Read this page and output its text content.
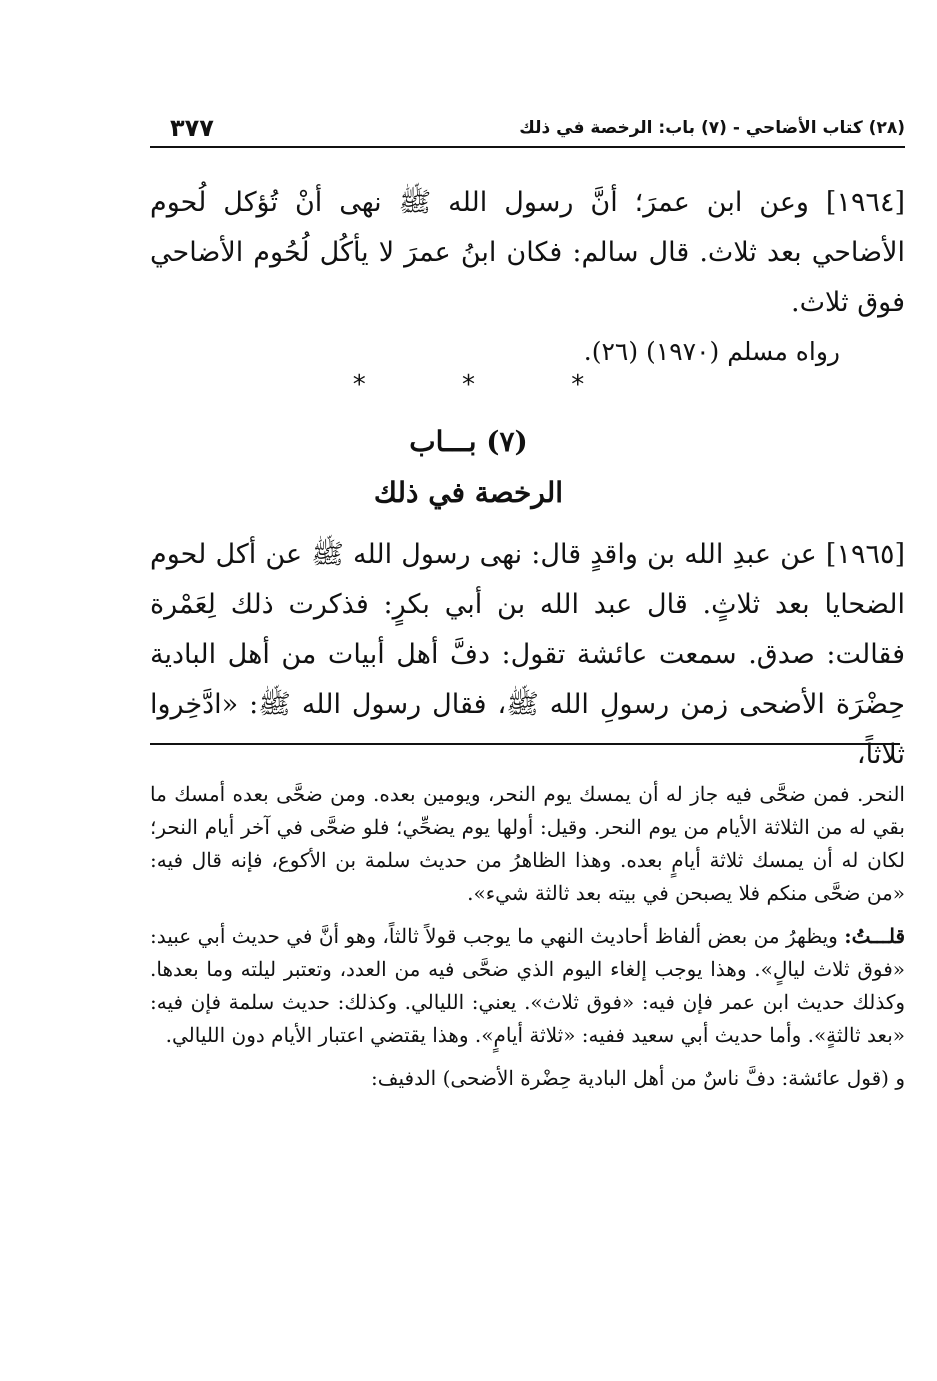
٣٧٧	(٢٨) كتاب الأضاحي - (٧) باب: الرخصة في ذلك

[١٩٦٤] وعن ابن عمرَ؛ أنَّ رسول الله ﷺ نهى أنْ تُؤكل لُحوم الأضاحي بعد ثلاث. قال سالم: فكان ابنُ عمرَ لا يأكُل لُحُوم الأضاحي فوق ثلاث.

رواه مسلم (١٩٧٠) (٢٦).
* * *
(٧) بـــاب
الرخصة في ذلك

[١٩٦٥] عن عبدِ الله بن واقدٍ قال: نهى رسول الله ﷺ عن أكل لحوم الضحايا بعد ثلاثٍ. قال عبد الله بن أبي بكرٍ: فذكرت ذلك لِعَمْرة فقالت: صدق. سمعت عائشة تقول: دفَّ أهل أبيات من أهل البادية حِضْرَة الأضحى زمن رسولِ الله ﷺ، فقال رسول الله ﷺ: «ادَّخِروا ثلاثاً،

النحر. فمن ضحَّى فيه جاز له أن يمسك يوم النحر، ويومين بعده. ومن ضحَّى بعده أمسك ما بقي له من الثلاثة الأيام من يوم النحر. وقيل: أولها يوم يضحِّي؛ فلو ضحَّى في آخر أيام النحر؛ لكان له أن يمسك ثلاثة أيامٍ بعده. وهذا الظاهرُ من حديث سلمة بن الأكوع، فإنه قال فيه: «من ضحَّى منكم فلا يصبحن في بيته بعد ثالثة شيء».

قلـــتُ: ويظهرُ من بعض ألفاظ أحاديث النهي ما يوجب قولاً ثالثاً، وهو أنَّ في حديث أبي عبيد: «فوق ثلاث ليالٍ». وهذا يوجب إلغاء اليوم الذي ضحَّى فيه من العدد، وتعتبر ليلته وما بعدها. وكذلك حديث ابن عمر فإن فيه: «فوق ثلاث». يعني: الليالي. وكذلك: حديث سلمة فإن فيه: «بعد ثالثةٍ». وأما حديث أبي سعيد ففيه: «ثلاثة أيامٍ». وهذا يقتضي اعتبار الأيام دون الليالي.

و (قول عائشة: دفَّ ناسٌ من أهل البادية حِضْرة الأضحى) الدفيف:
